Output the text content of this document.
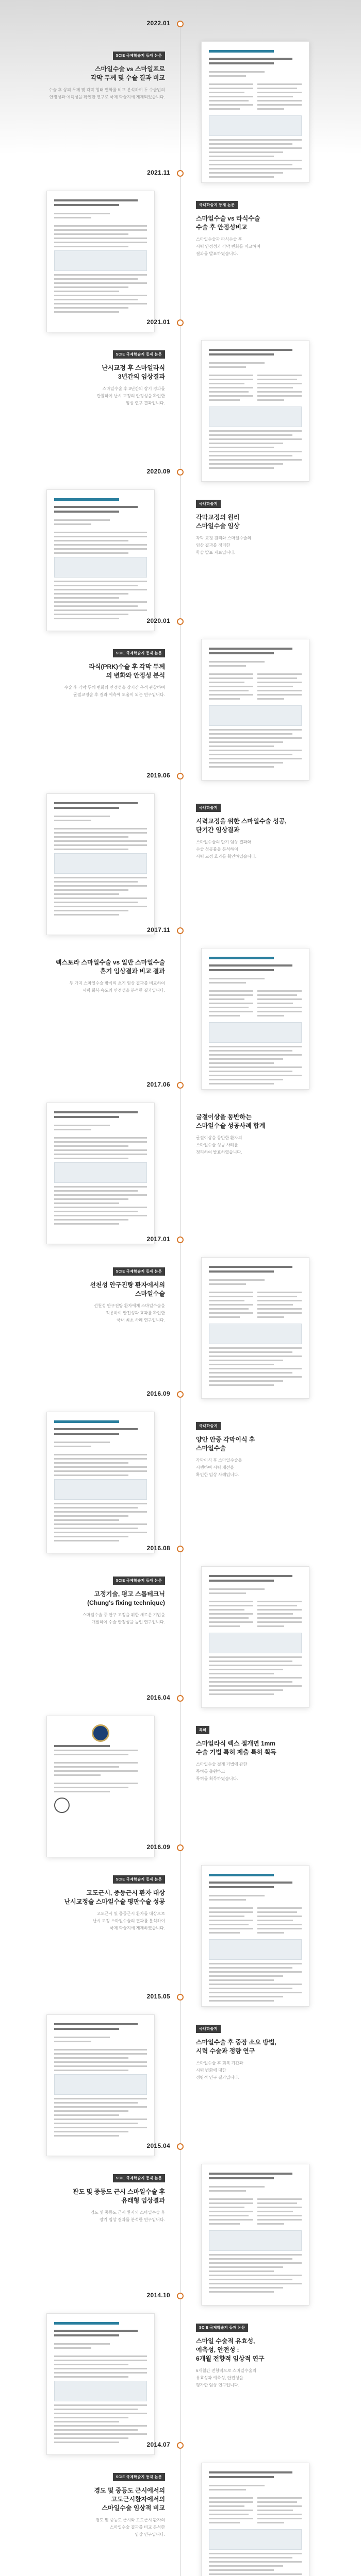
2022.01
SCIE 국제학술지 등재 논문
스마일수술 vs 스마일프로
각막 두께 및 수술 결과 비교
수술 후 상피 두께 및 각막 형태 변화를 비교 분석하여 두 수술법의
안정성과 예측성을 확인한 연구로 국제 학술지에 게재되었습니다.
2021.11
국내학술지 등재 논문
스마일수술 vs 라식수술
수술 후 안정성비교
스마일수술과 라식수술 후
시력 안정성과 각막 변화를 비교하여
결과를 발표하였습니다.
2021.01
SCIE 국제학술지 등재 논문
난시교정 후 스마일라식
3년간의 임상결과
스마일수술 후 3년간의 장기 경과를
관찰하여 난시 교정의 안정성을 확인한
임상 연구 결과입니다.
2020.09
국내학술지
각막교정의 원리
스마일수술 임상
각막 교정 원리와 스마일수술의
임상 결과를 정리한
학술 발표 자료입니다.
2020.01
SCIE 국제학술지 등재 논문
라식(PRK)수술 후 각막 두께
의 변화와 안정성 분석
수술 후 각막 두께 변화와 안정성을 장기간 추적 관찰하여
굴절교정술 후 결과 예측에 도움이 되는 연구입니다.
2019.06
국내학술지
시력교정을 위한 스마일수술 성공,
단기간 임상결과
스마일수술의 단기 임상 결과와
수술 성공률을 분석하여
시력 교정 효과를 확인하였습니다.
2017.11
렉스토라 스마일수술 vs 일반 스마일수술
혼기 임상결과 비교 결과
두 가지 스마일수술 방식의 초기 임상 결과를 비교하여
시력 회복 속도와 안정성을 분석한 결과입니다.
2017.06
굴절이상을 동반하는
스마일수술 성공사례 합계
굴절이상을 동반한 환자의
스마일수술 성공 사례를
정리하여 발표하였습니다.
2017.01
SCIE 국제학술지 등재 논문
선천성 안구진탕 환자에서의
스마일수술
선천성 안구진탕 환자에게 스마일수술을
적용하여 안전성과 효과를 확인한
국내 최초 사례 연구입니다.
2016.09
국내학술지
양안 안중 각막이식 후
스마일수술
각막이식 후 스마일수술을
시행하여 시력 개선을
확인한 임상 사례입니다.
2016.08
SCIE 국제학술지 등재 논문
고정기술, 평고 스톱테크닉
(Chung's fixing technique)
스마일수술 중 안구 고정을 위한 새로운 기법을
개발하여 수술 안정성을 높인 연구입니다.
2016.04
특허
스마일라식 렉스 절개면 1mm
수술 기법 특허 제출 특허 획득
스마일수술 절개 기법에 관한
특허를 출원하고
특허를 획득하였습니다.
2016.09
SCIE 국제학술지 등재 논문
고도근시, 중등근시 환자 대상
난시교정술 스마일수술 평판수술 성공
고도근시 및 중등근시 환자를 대상으로
난시 교정 스마일수술의 결과를 분석하여
국제 학술지에 게재하였습니다.
2015.05
국내학술지
스마일수술 후 중장 소요 방법,
시력 수술과 정량 연구
스마일수술 후 회복 기간과
시력 변화에 대한
정량적 연구 결과입니다.
2015.04
SCIE 국제학술지 등재 논문
관도 및 중등도 근시 스마일수술 후
유래형 임상결과
경도 및 중등도 근시 환자의 스마일수술 후
장기 임상 결과를 분석한 연구입니다.
2014.10
SCIE 국제학술지 등재 논문
스마일 수술적 유효성,
예측성, 안전성 :
6개월 전향적 임상적 연구
6개월간 전향적으로 스마일수술의
유효성과 예측성, 안전성을
평가한 임상 연구입니다.
2014.07
SCIE 국제학술지 등재 논문
경도 및 중등도 근시에서의
고도근시환자에서의
스마일수술 임상적 비교
경도 및 중등도 근시와 고도근시 환자의
스마일수술 결과를 비교 분석한
임상 연구입니다.
